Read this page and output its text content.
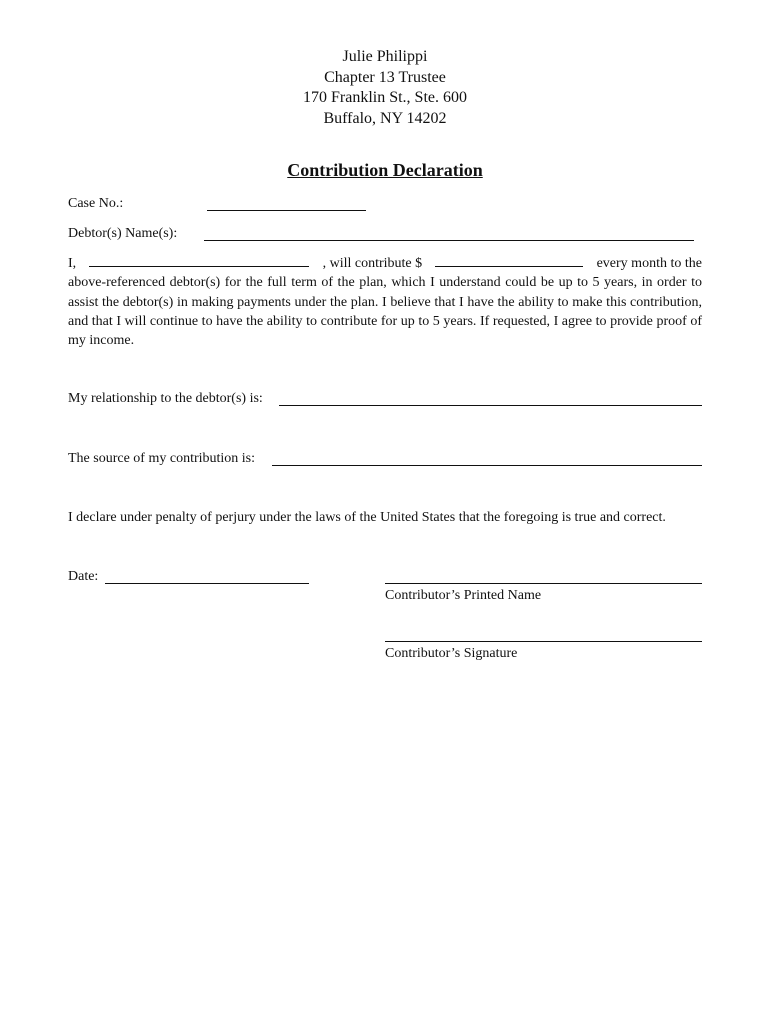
Julie Philippi
Chapter 13 Trustee
170 Franklin St., Ste. 600
Buffalo, NY 14202
Contribution Declaration
Case No.:
Debtor(s) Name(s):
I,	, will contribute $	every month to the
above-referenced debtor(s) for the full term of the plan, which I understand could be up to 5 years, in order to assist the debtor(s) in making payments under the plan. I believe that I have the ability to make this contribution, and that I will continue to have the ability to contribute for up to 5 years. If requested, I agree to provide proof of my income.
My relationship to the debtor(s) is:
The source of my contribution is:
I declare under penalty of perjury under the laws of the United States that the foregoing is true and correct.
Date:
Contributor’s Printed Name
Contributor’s Signature
